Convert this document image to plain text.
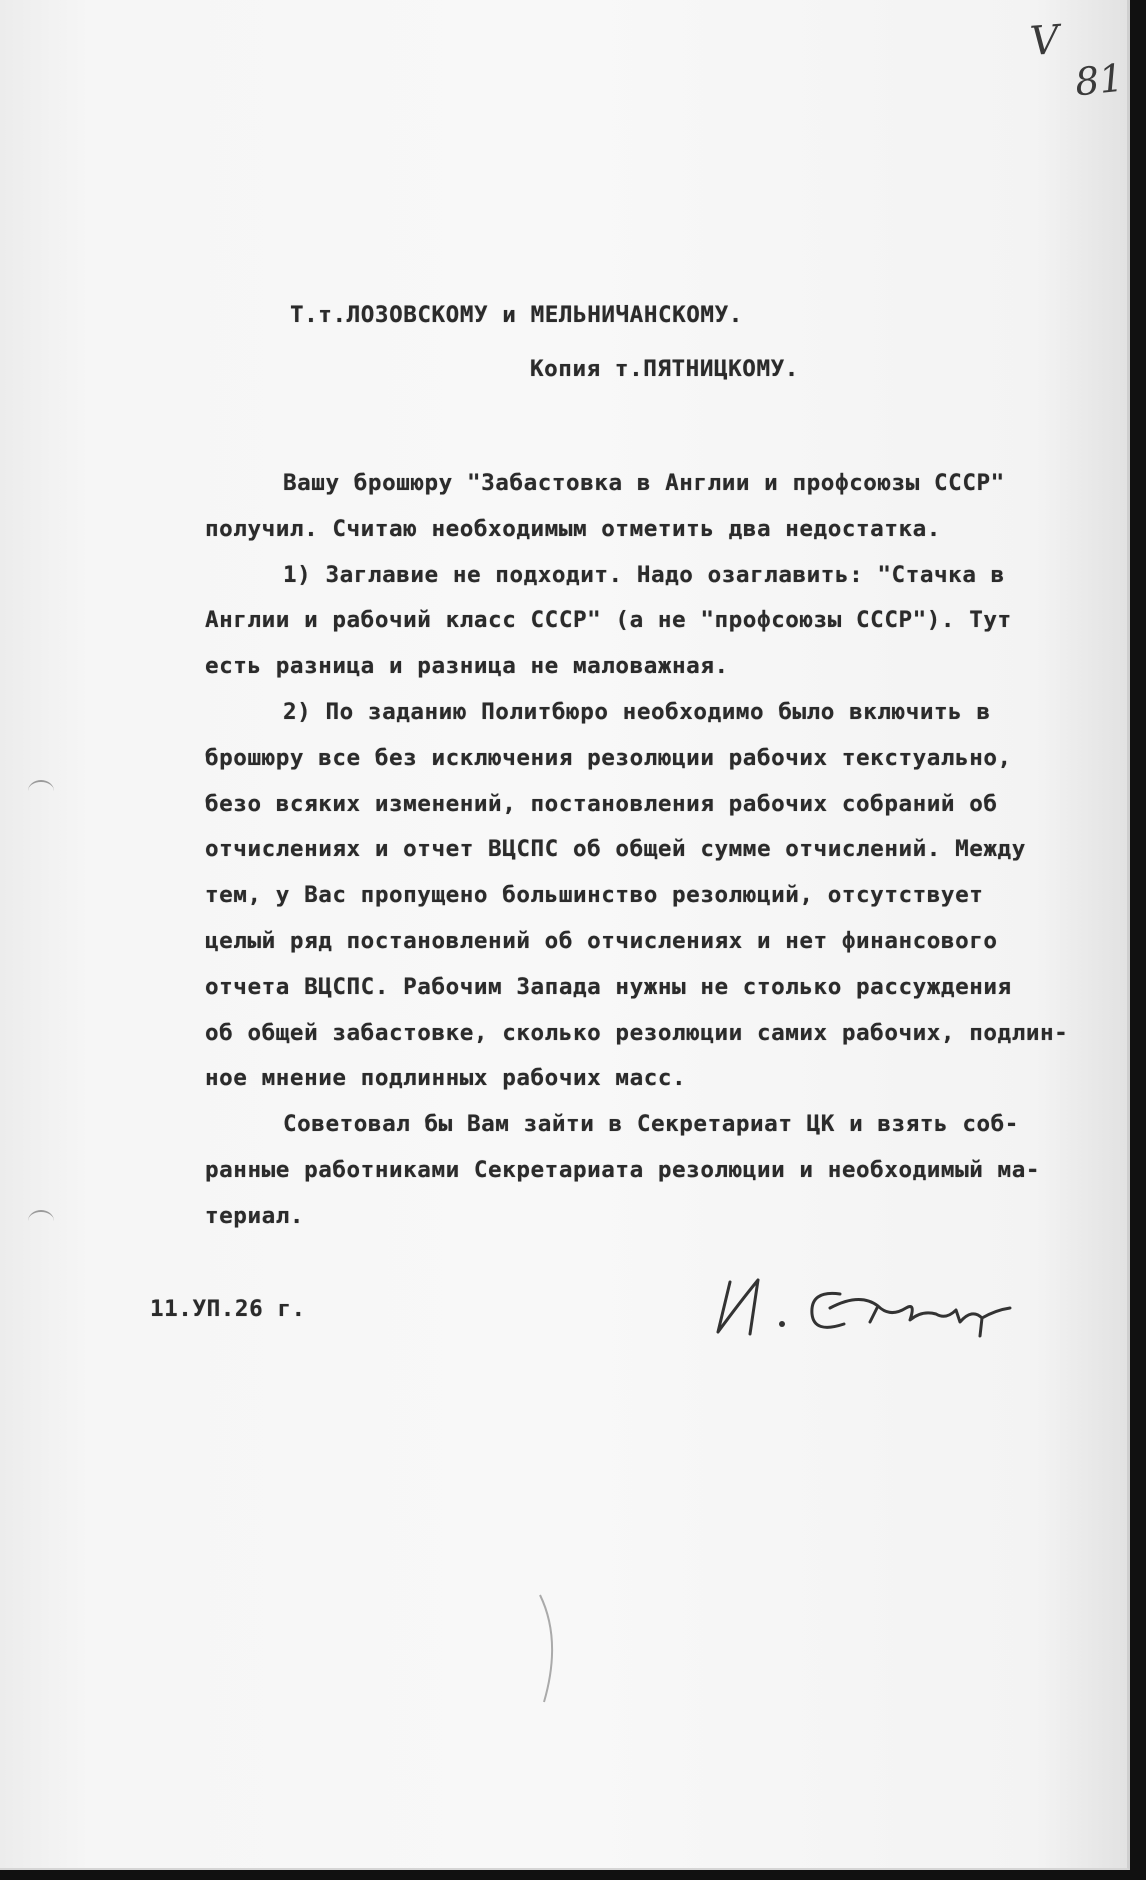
V
81
Т.т.ЛОЗОВСКОМУ и МЕЛЬНИЧАНСКОМУ.
Копия т.ПЯТНИЦКОМУ.
Вашу брошюру "Забастовка в Англии и профсоюзы СССР"
получил. Считаю необходимым отметить два недостатка.
1) Заглавие не подходит. Надо озаглавить: "Стачка в
Англии и рабочий класс СССР" (а не "профсоюзы СССР"). Тут
есть разница и разница не маловажная.
2) По заданию Политбюро необходимо было включить в
брошюру все без исключения резолюции рабочих текстуально,
безо всяких изменений, постановления рабочих собраний об
отчислениях и отчет ВЦСПС об общей сумме отчислений. Между
тем, у Вас пропущено большинство резолюций, отсутствует
целый ряд постановлений об отчислениях и нет финансового
отчета ВЦСПС. Рабочим Запада нужны не столько рассуждения
об общей забастовке, сколько резолюции самих рабочих, подлин-
ное мнение подлинных рабочих масс.
Советовал бы Вам зайти в Секретариат ЦК и взять соб-
ранные работниками Секретариата резолюции и необходимый ма-
териал.
11.УП.26 г.
